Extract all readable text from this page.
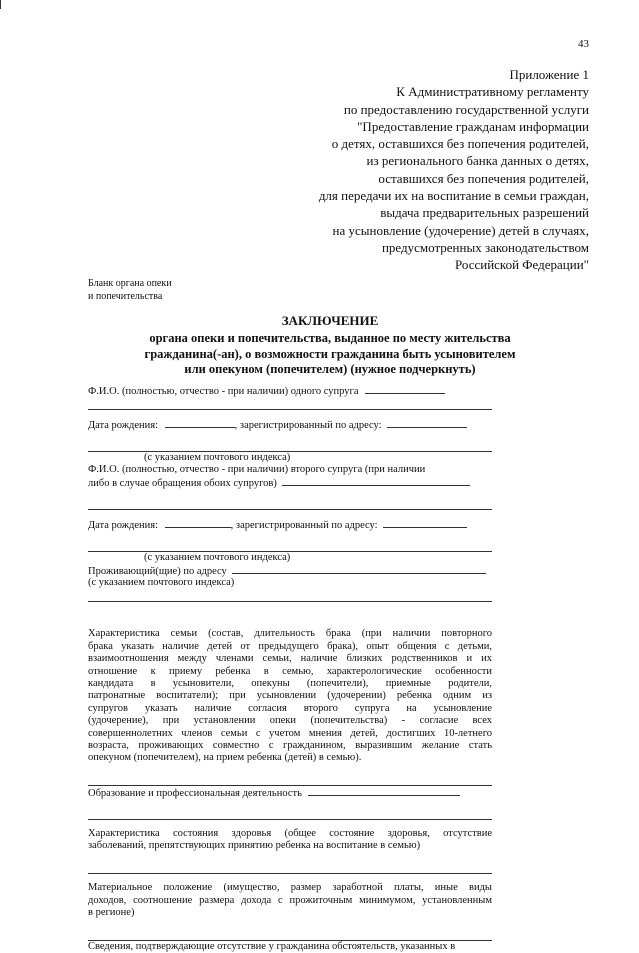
43
Приложение 1
К Административному регламенту
по предоставлению государственной услуги
"Предоставление гражданам информации
о детях, оставшихся без попечения родителей,
из регионального банка данных о детях,
оставшихся без попечения родителей,
для передачи их на воспитание в семьи граждан,
выдача предварительных разрешений
на усыновление (удочерение) детей в случаях,
предусмотренных законодательством
Российской Федерации"
Бланк органа опеки
и попечительства
ЗАКЛЮЧЕНИЕ
органа опеки и попечительства, выданное по месту жительства
гражданина(-ан), о возможности гражданина быть усыновителем
или опекуном (попечителем) (нужное подчеркнуть)
Ф.И.О. (полностью, отчество - при наличии) одного супруга
Дата рождения:	, зарегистрированный по адресу:
(с указанием почтового индекса)
Ф.И.О. (полностью, отчество - при наличии) второго супруга (при наличии
либо в случае обращения обоих супругов)
Дата рождения:	, зарегистрированный по адресу:
(с указанием почтового индекса)
Проживающий(щие) по адресу
(с указанием почтового индекса)
Характеристика семьи (состав, длительность брака (при наличии повторного
брака указать наличие детей от предыдущего брака), опыт общения с детьми,
взаимоотношения между членами семьи, наличие близких родственников и их
отношение к приему ребенка в семью, характерологические особенности
кандидата в усыновители, опекуны (попечители), приемные родители,
патронатные воспитатели); при усыновлении (удочерении) ребенка одним из
супругов указать наличие согласия второго супруга на усыновление
(удочерение), при установлении опеки (попечительства) - согласие всех
совершеннолетних членов семьи с учетом мнения детей, достигших 10-летнего
возраста, проживающих совместно с гражданином, выразившим желание стать
опекуном (попечителем), на прием ребенка (детей) в семью).
Образование и профессиональная деятельность
Характеристика состояния здоровья (общее состояние здоровья, отсутствие
заболеваний, препятствующих принятию ребенка на воспитание в семью)
Материальное положение (имущество, размер заработной платы, иные виды
доходов, соотношение размера дохода с прожиточным минимумом, установленным
в регионе)
Сведения, подтверждающие отсутствие у гражданина обстоятельств, указанных в
